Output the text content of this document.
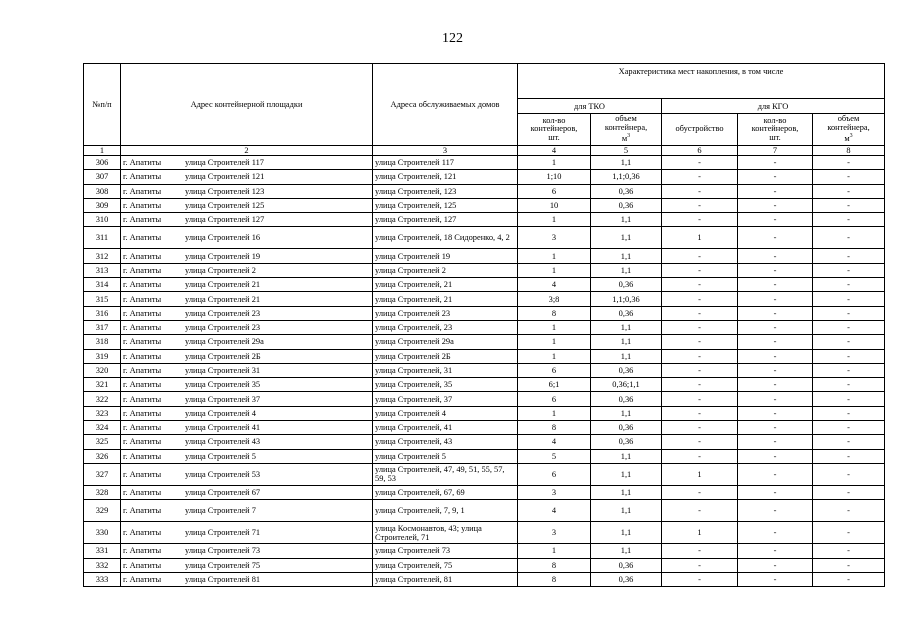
122
№п/п	Адрес контейнерной площадки	Адреса обслуживаемых домов	Характеристика мест накопления, в том числе				
			для ТКО		для КГО		
			кол-во
контейнеров,
шт.	объем
контейнера,
$м^3$	обустройство	кол-во
контейнеров,
шт.	объем
контейнера,
$м^3$
1	2	3	4	5	6	7	8
306	г. Апатиты улица Строителей 117	улица Строителей 117	1	1,1	-	-	-
307	г. Апатиты улица Строителей 121	улица Строителей, 121	1;10	1,1;0,36	-	-	-
308	г. Апатиты улица Строителей 123	улица Строителей, 123	6	0,36	-	-	-
309	г. Апатиты улица Строителей 125	улица Строителей, 125	10	0,36	-	-	-
310	г. Апатиты улица Строителей 127	улица Строителей, 127	1	1,1	-	-	-
311	г. Апатиты улица Строителей 16	улица Строителей, 18 Сидоренко, 4, 2	3	1,1	1	-	-
312	г. Апатиты улица Строителей 19	улица Строителей 19	1	1,1	-	-	-
313	г. Апатиты улица Строителей 2	улица Строителей 2	1	1,1	-	-	-
314	г. Апатиты улица Строителей 21	улица Строителей, 21	4	0,36	-	-	-
315	г. Апатиты улица Строителей 21	улица Строителей, 21	3;8	1,1;0,36	-	-	-
316	г. Апатиты улица Строителей 23	улица Строителей 23	8	0,36	-	-	-
317	г. Апатиты улица Строителей 23	улица Строителей, 23	1	1,1	-	-	-
318	г. Апатиты улица Строителей 29а	улица Строителей 29а	1	1,1	-	-	-
319	г. Апатиты улица Строителей 2Б	улица Строителей 2Б	1	1,1	-	-	-
320	г. Апатиты улица Строителей 31	улица Строителей, 31	6	0,36	-	-	-
321	г. Апатиты улица Строителей 35	улица Строителей, 35	6;1	0,36;1,1	-	-	-
322	г. Апатиты улица Строителей 37	улица Строителей, 37	6	0,36	-	-	-
323	г. Апатиты улица Строителей 4	улица Строителей 4	1	1,1	-	-	-
324	г. Апатиты улица Строителей 41	улица Строителей, 41	8	0,36	-	-	-
325	г. Апатиты улица Строителей 43	улица Строителей, 43	4	0,36	-	-	-
326	г. Апатиты улица Строителей 5	улица Строителей 5	5	1,1	-	-	-
327	г. Апатиты улица Строителей 53	улица Строителей, 47, 49, 51, 55, 57, 59, 53	6	1,1	1	-	-
328	г. Апатиты улица Строителей 67	улица Строителей, 67, 69	3	1,1	-	-	-
329	г. Апатиты улица Строителей 7	улица Строителей, 7, 9, 1	4	1,1	-	-	-
330	г. Апатиты улица Строителей 71	улица Космонавтов, 43; улица Строителей, 71	3	1,1	1	-	-
331	г. Апатиты улица Строителей 73	улица Строителей 73	1	1,1	-	-	-
332	г. Апатиты улица Строителей 75	улица Строителей, 75	8	0,36	-	-	-
333	г. Апатиты улица Строителей 81	улица Строителей, 81	8	0,36	-	-	-
